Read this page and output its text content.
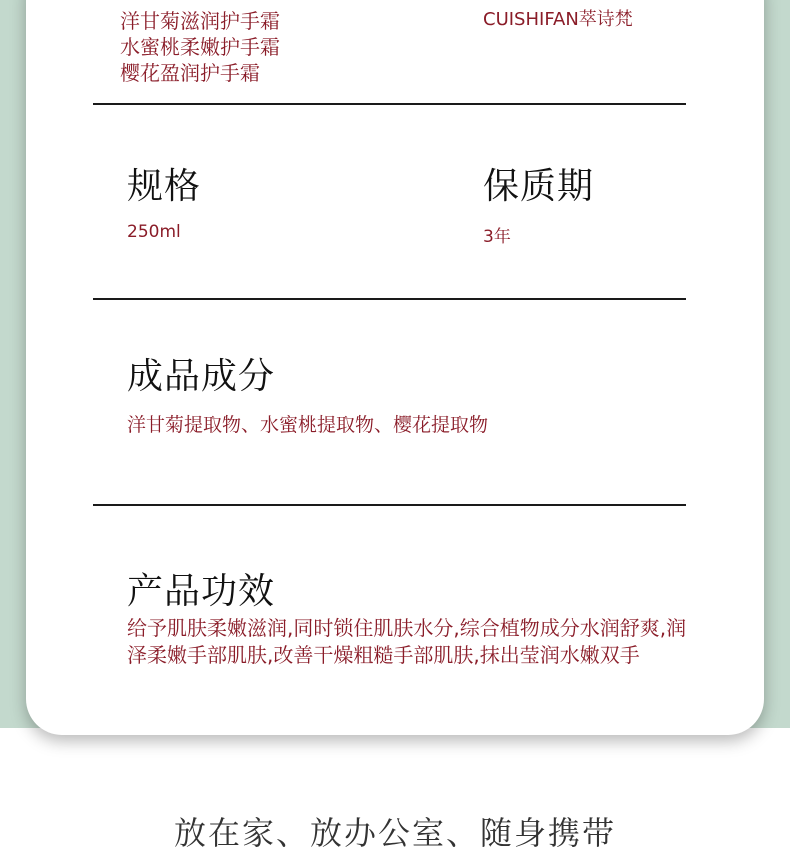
洋甘菊滋润护手霜
水蜜桃柔嫩护手霜
樱花盈润护手霜
CUISHIFAN萃诗梵
规格
250ml
保质期
3年
成品成分
洋甘菊提取物、水蜜桃提取物、樱花提取物
产品功效
给予肌肤柔嫩滋润,同时锁住肌肤水分,综合植物成分水润舒爽,润泽柔嫩手部肌肤,改善干燥粗糙手部肌肤,抹出莹润水嫩双手
放在家、放办公室、随身携带
